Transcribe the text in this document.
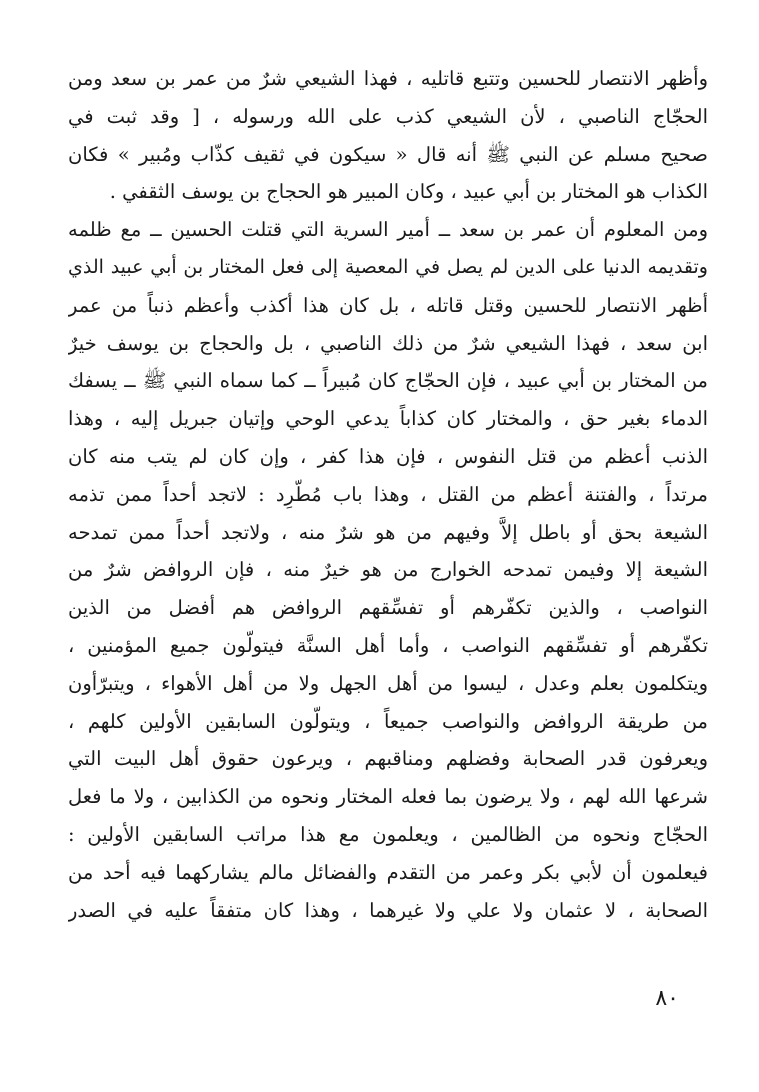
وأظهر الانتصار للحسين وتتبع قاتليه ، فهذا الشيعي شرٌ من عمر بن سعد ومن
الحجّاج الناصبي ، لأن الشيعي كذب على الله ورسوله ، [ وقد ثبت في
صحيح مسلم عن النبي ﷺ أنه قال « سيكون في ثقيف كذّاب ومُبير » فكان
الكذاب هو المختار بن أبي عبيد ، وكان المبير هو الحجاج بن يوسف الثقفي .
ومن المعلوم أن عمر بن سعد ــ أمير السرية التي قتلت الحسين ــ مع ظلمه
وتقديمه الدنيا على الدين لم يصل في المعصية إلى فعل المختار بن أبي عبيد الذي
أظهر الانتصار للحسين وقتل قاتله ، بل كان هذا أكذب وأعظم ذنباً من عمر
ابن سعد ، فهذا الشيعي شرٌ من ذلك الناصبي ، بل والحجاج بن يوسف خيرٌ
من المختار بن أبي عبيد ، فإن الحجّاج كان مُبيراً ــ كما سماه النبي ﷺ ــ يسفك
الدماء بغير حق ، والمختار كان كذاباً يدعي الوحي وإتيان جبريل إليه ، وهذا
الذنب أعظم من قتل النفوس ، فإن هذا كفر ، وإن كان لم يتب منه كان
مرتداً ، والفتنة أعظم من القتل ، وهذا باب مُطّرِد : لاتجد أحداً ممن تذمه
الشيعة بحق أو باطل إلاَّ وفيهم من هو شرٌ منه ، ولاتجد أحداً ممن تمدحه
الشيعة إلا وفيمن تمدحه الخوارج من هو خيرٌ منه ، فإن الروافض شرٌ من
النواصب ، والذين تكفّرهم أو تفسِّقهم الروافض هم أفضل من الذين
تكفّرهم أو تفسِّقهم النواصب ، وأما أهل السنَّة فيتولّون جميع المؤمنين ،
ويتكلمون بعلم وعدل ، ليسوا من أهل الجهل ولا من أهل الأهواء ، ويتبرّأون
من طريقة الروافض والنواصب جميعاً ، ويتولّون السابقين الأولين كلهم ،
ويعرفون قدر الصحابة وفضلهم ومناقبهم ، ويرعون حقوق أهل البيت التي
شرعها الله لهم ، ولا يرضون بما فعله المختار ونحوه من الكذابين ، ولا ما فعل
الحجّاج ونحوه من الظالمين ، ويعلمون مع هذا مراتب السابقين الأولين :
فيعلمون أن لأبي بكر وعمر من التقدم والفضائل مالم يشاركهما فيه أحد من
الصحابة ، لا عثمان ولا علي ولا غيرهما ، وهذا كان متفقاً عليه في الصدر
٨٠
